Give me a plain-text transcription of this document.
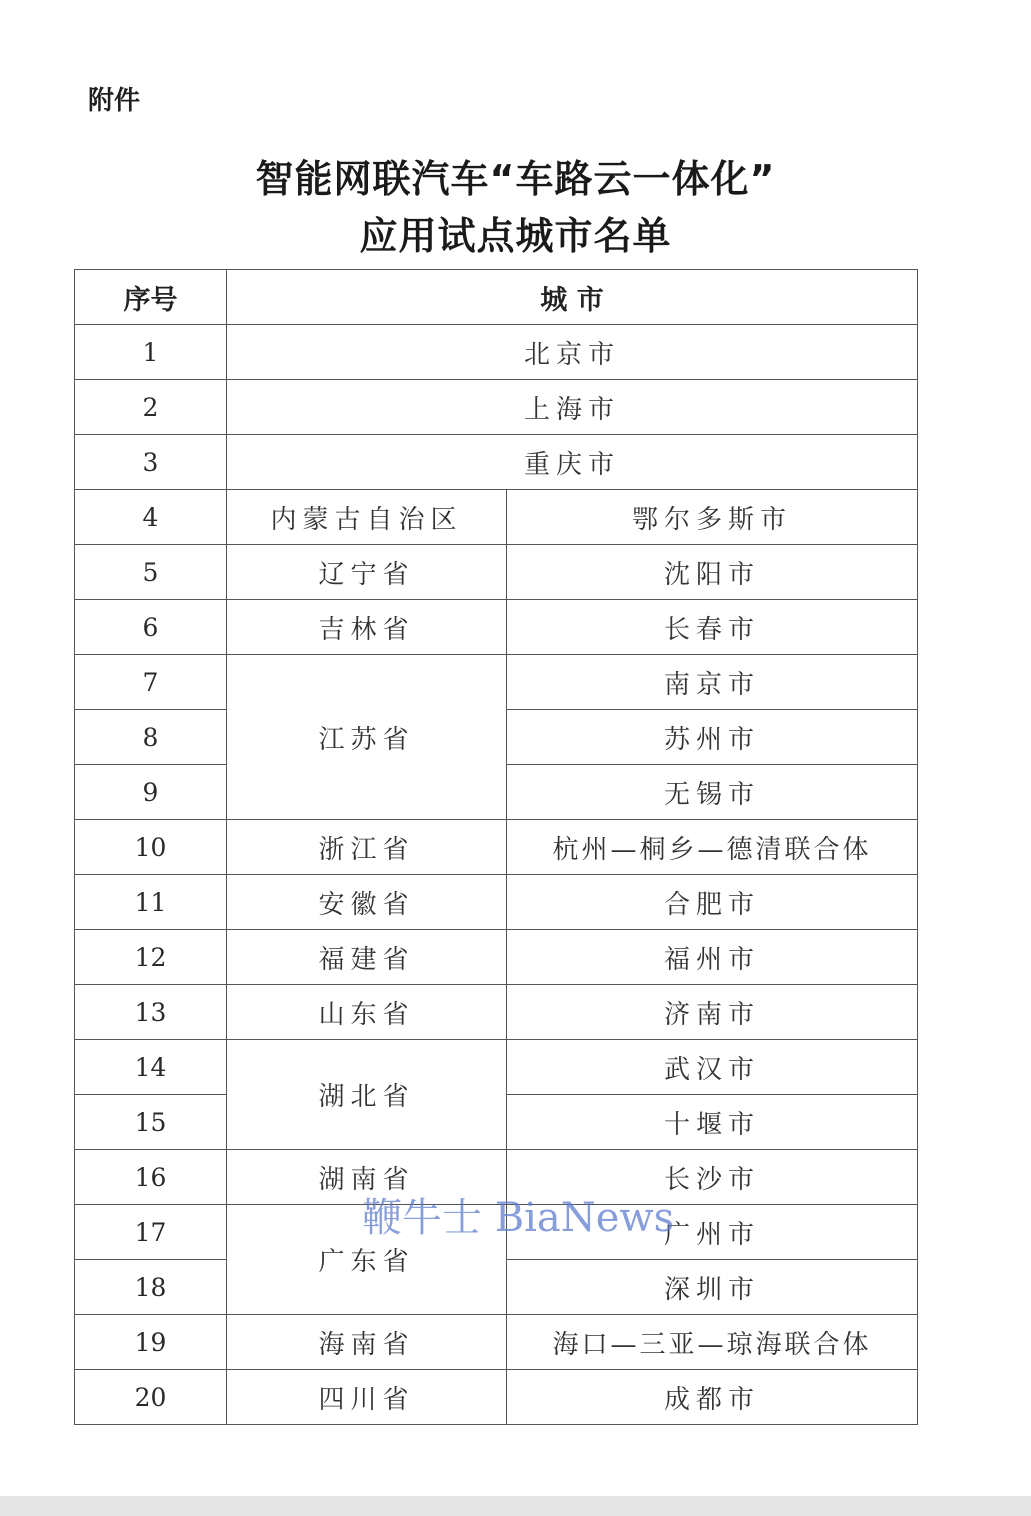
附件
智能网联汽车“车路云一体化”
应用试点城市名单
序号	城 市	
1	北京市	
2	上海市	
3	重庆市	
4	内蒙古自治区	鄂尔多斯市
5	辽宁省	沈阳市
6	吉林省	长春市
7	江苏省	南京市
8		苏州市
9		无锡市
10	浙江省	杭州—桐乡—德清联合体
11	安徽省	合肥市
12	福建省	福州市
13	山东省	济南市
14	湖北省	武汉市
15		十堰市
16	湖南省	长沙市
17	广东省	广州市
18		深圳市
19	海南省	海口—三亚—琼海联合体
20	四川省	成都市
鞭牛士 BiaNews
